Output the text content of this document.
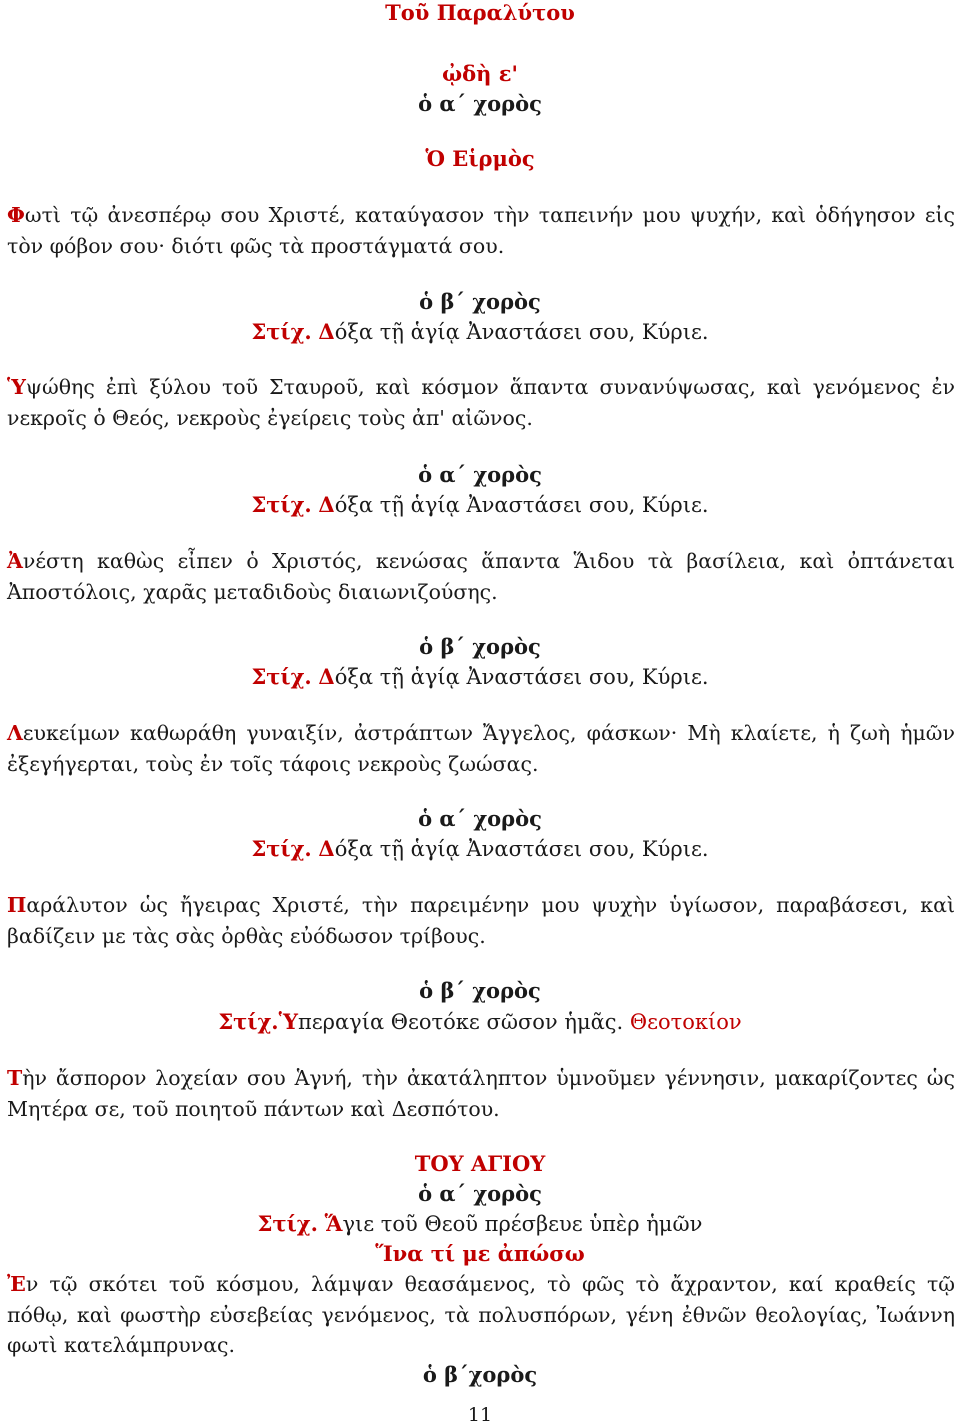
Τοῦ Παραλύτου
ᾠδὴ ε'
ὁ α΄ χορὸς
Ὁ Εἱρμὸς
Φωτὶ τῷ ἀνεσπέρῳ σου Χριστέ, καταύγασον τὴν ταπεινήν μου ψυχήν, καὶ ὁδήγησον εἰς τὸν φόβον σου· διότι φῶς τὰ προστάγματά σου.
ὁ β΄ χορὸς
Στίχ. Δόξα τῇ ἁγίᾳ Ἀναστάσει σου, Κύριε.
Ὑψώθης ἐπὶ ξύλου τοῦ Σταυροῦ, καὶ κόσμον ἅπαντα συνανύψωσας, καὶ γενόμενος ἐν νεκροῖς ὁ Θεός, νεκροὺς ἐγείρεις τοὺς ἀπ' αἰῶνος.
ὁ α΄ χορὸς
Στίχ. Δόξα τῇ ἁγίᾳ Ἀναστάσει σου, Κύριε.
Ἀνέστη καθὼς εἶπεν ὁ Χριστός, κενώσας ἅπαντα Ἅιδου τὰ βασίλεια, καὶ ὀπτάνεται Ἀποστόλοις, χαρᾶς μεταδιδοὺς διαιωνιζούσης.
ὁ β΄ χορὸς
Στίχ. Δόξα τῇ ἁγίᾳ Ἀναστάσει σου, Κύριε.
Λευκείμων καθωράθη γυναιξίν, ἀστράπτων Ἄγγελος, φάσκων· Μὴ κλαίετε, ἡ ζωὴ ἡμῶν ἐξεγήγερται, τοὺς ἐν τοῖς τάφοις νεκροὺς ζωώσας.
ὁ α΄ χορὸς
Στίχ. Δόξα τῇ ἁγίᾳ Ἀναστάσει σου, Κύριε.
Παράλυτον ὡς ἤγειρας Χριστέ, τὴν παρειμένην μου ψυχὴν ὑγίωσον, παραβάσεσι, καὶ βαδίζειν με τὰς σὰς ὀρθὰς εὐόδωσον τρίβους.
ὁ β΄ χορὸς
Στίχ.Ὑπεραγία Θεοτόκε σῶσον ἡμᾶς. Θεοτοκίον
Τὴν ἄσπορον λοχείαν σου Ἁγνή, τὴν ἀκατάληπτον ὑμνοῦμεν γέννησιν, μακαρίζοντες ὡς Μητέρα σε, τοῦ ποιητοῦ πάντων καὶ Δεσπότου.
ΤΟΥ ΑΓΙΟΥ
ὁ α΄ χορὸς
Στίχ. Ἅγιε τοῦ Θεοῦ πρέσβευε ὑπὲρ ἡμῶν
Ἵνα τί με ἀπώσω
Ἐν τῷ σκότει τοῦ κόσμου, λάμψαν θεασάμενος, τὸ φῶς τὸ ἄχραντον, καί κραθείς τῷ πόθῳ, καὶ φωστὴρ εὐσεβείας γενόμενος, τὰ πολυσπόρων, γένη ἐθνῶν θεολογίας, Ἰωάννη φωτὶ κατελάμπρυνας.
ὁ β΄χορὸς
11
